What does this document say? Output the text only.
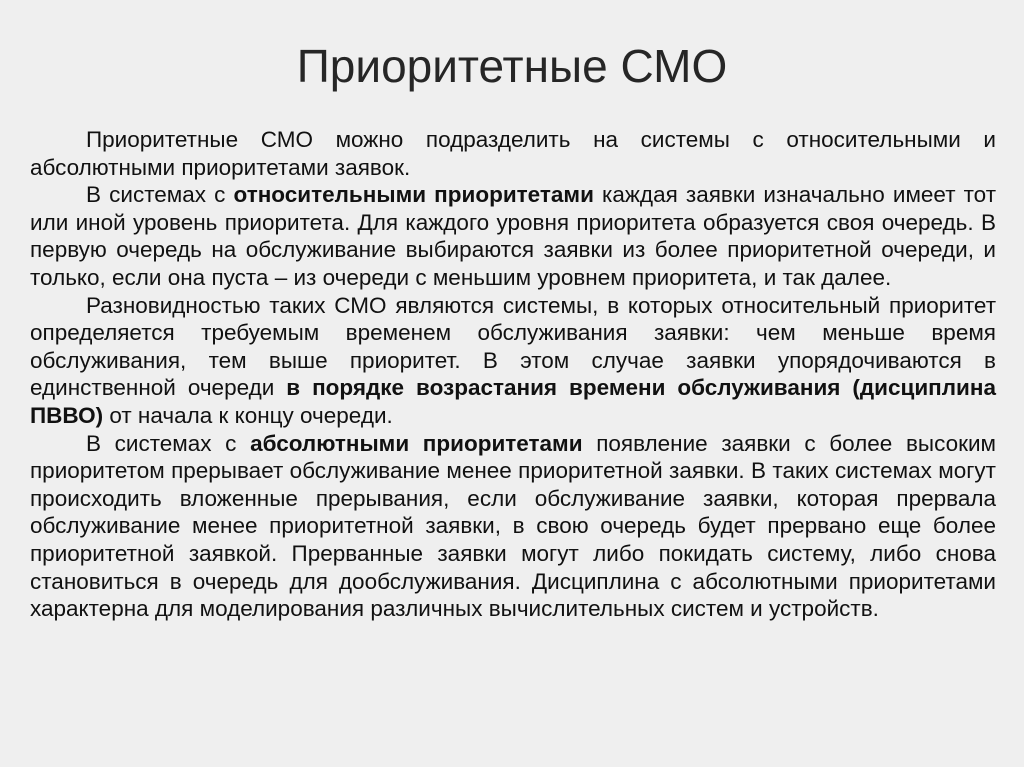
Приоритетные СМО

Приоритетные СМО можно подразделить на системы с относительными и абсолютными приоритетами заявок.

В системах с относительными приоритетами каждая заявки изначально имеет тот или иной уровень приоритета. Для каждого уровня приоритета образуется своя очередь. В первую очередь на обслуживание выбираются заявки из более приоритетной очереди, и только, если она пуста – из очереди с меньшим уровнем приоритета, и так далее.

Разновидностью таких СМО являются системы, в которых относительный приоритет определяется требуемым временем обслуживания заявки: чем меньше время обслуживания, тем выше приоритет. В этом случае заявки упорядочиваются в единственной очереди в порядке возрастания времени обслуживания (дисциплина ПВВО) от начала к концу очереди.

В системах с абсолютными приоритетами появление заявки с более высоким приоритетом прерывает обслуживание менее приоритетной заявки. В таких системах могут происходить вложенные прерывания, если обслуживание заявки, которая прервала обслуживание менее приоритетной заявки, в свою очередь будет прервано еще более приоритетной заявкой. Прерванные заявки могут либо покидать систему, либо снова становиться в очередь для дообслуживания. Дисциплина с абсолютными приоритетами характерна для моделирования различных вычислительных систем и устройств.
